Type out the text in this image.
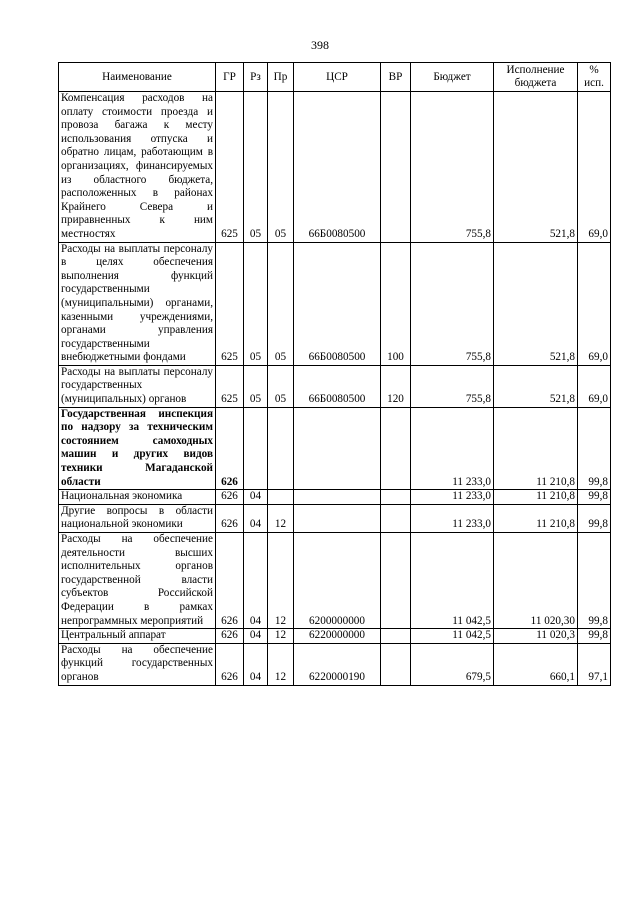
398
Наименование	ГР	Рз	Пр	ЦСР	ВР	Бюджет	Исполнение бюджета	% исп.
Компенсация расходов на оплату стоимости проезда и провоза багажа к месту использования отпуска и обратно лицам, работающим в организациях, финансируемых из областного бюджета, расположенных в районах Крайнего Севера и приравненных к ним местностях	625	05	05	66Б0080500		755,8	521,8	69,0
Расходы на выплаты персоналу в целях обеспечения выполнения функций государственными (муниципальными) органами, казенными учреждениями, органами управления государственными внебюджетными фондами	625	05	05	66Б0080500	100	755,8	521,8	69,0
Расходы на выплаты персоналу государственных (муниципальных) органов	625	05	05	66Б0080500	120	755,8	521,8	69,0
Государственная инспекция по надзору за техническим состоянием самоходных машин и других видов техники Магаданской области	626					11 233,0	11 210,8	99,8
Национальная экономика	626	04				11 233,0	11 210,8	99,8
Другие вопросы в области национальной экономики	626	04	12			11 233,0	11 210,8	99,8
Расходы на обеспечение деятельности высших исполнительных органов государственной власти субъектов Российской Федерации в рамках непрограммных мероприятий	626	04	12	6200000000		11 042,5	11 020,30	99,8
Центральный аппарат	626	04	12	6220000000		11 042,5	11 020,3	99,8
Расходы на обеспечение функций государственных органов	626	04	12	6220000190		679,5	660,1	97,1
